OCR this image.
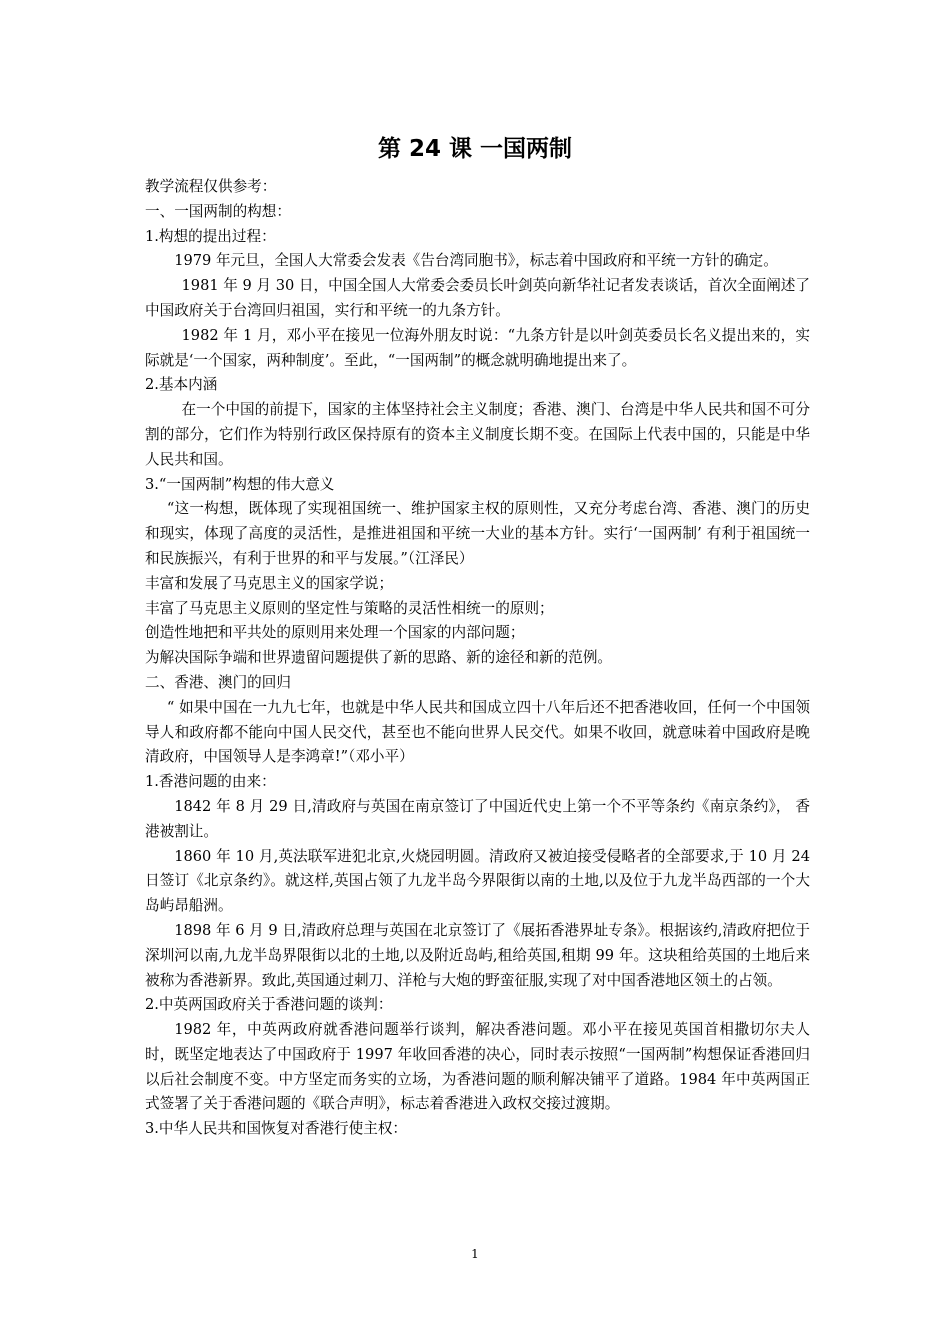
第 24 课 一国两制

教学流程仅供参考：

一、一国两制的构想：

1.构想的提出过程：

1979 年元旦，全国人大常委会发表《告台湾同胞书》，标志着中国政府和平统一方针的确定。

1981 年 9 月 30 日，中国全国人大常委会委员长叶剑英向新华社记者发表谈话，首次全面阐述了中国政府关于台湾回归祖国，实行和平统一的九条方针。

1982 年 1 月，邓小平在接见一位海外朋友时说：“九条方针是以叶剑英委员长名义提出来的，实际就是‘一个国家，两种制度’。至此，“一国两制”的概念就明确地提出来了。

2.基本内涵

在一个中国的前提下，国家的主体坚持社会主义制度；香港、澳门、台湾是中华人民共和国不可分割的部分，它们作为特别行政区保持原有的资本主义制度长期不变。在国际上代表中国的，只能是中华人民共和国。

3.“一国两制”构想的伟大意义

“这一构想，既体现了实现祖国统一、维护国家主权的原则性，又充分考虑台湾、香港、澳门的历史和现实，体现了高度的灵活性，是推进祖国和平统一大业的基本方针。实行‘一国两制’ 有利于祖国统一和民族振兴，有利于世界的和平与发展。”（江泽民）

丰富和发展了马克思主义的国家学说；

丰富了马克思主义原则的坚定性与策略的灵活性相统一的原则；

创造性地把和平共处的原则用来处理一个国家的内部问题；

为解决国际争端和世界遗留问题提供了新的思路、新的途径和新的范例。

二、香港、澳门的回归

“ 如果中国在一九九七年，也就是中华人民共和国成立四十八年后还不把香港收回，任何一个中国领导人和政府都不能向中国人民交代，甚至也不能向世界人民交代。如果不收回，就意味着中国政府是晚清政府，中国领导人是李鸿章!”（邓小平）

1.香港问题的由来：

1842 年 8 月 29 日,清政府与英国在南京签订了中国近代史上第一个不平等条约《南京条约》， 香港被割让。

1860 年 10 月,英法联军进犯北京,火烧园明圆。清政府又被迫接受侵略者的全部要求,于 10 月 24 日签订《北京条约》。就这样,英国占领了九龙半岛今界限街以南的土地,以及位于九龙半岛西部的一个大岛屿昂船洲。

1898 年 6 月 9 日,清政府总理与英国在北京签订了《展拓香港界址专条》。根据该约,清政府把位于深圳河以南,九龙半岛界限街以北的土地,以及附近岛屿,租给英国,租期 99 年。这块租给英国的土地后来被称为香港新界。致此,英国通过刺刀、洋枪与大炮的野蛮征服,实现了对中国香港地区领土的占领。

2.中英两国政府关于香港问题的谈判：

1982 年，中英两政府就香港问题举行谈判，解决香港问题。邓小平在接见英国首相撒切尔夫人时，既坚定地表达了中国政府于 1997 年收回香港的决心，同时表示按照“一国两制”构想保证香港回归以后社会制度不变。中方坚定而务实的立场，为香港问题的顺利解决铺平了道路。1984 年中英两国正式签署了关于香港问题的《联合声明》，标志着香港进入政权交接过渡期。

3.中华人民共和国恢复对香港行使主权：

1
